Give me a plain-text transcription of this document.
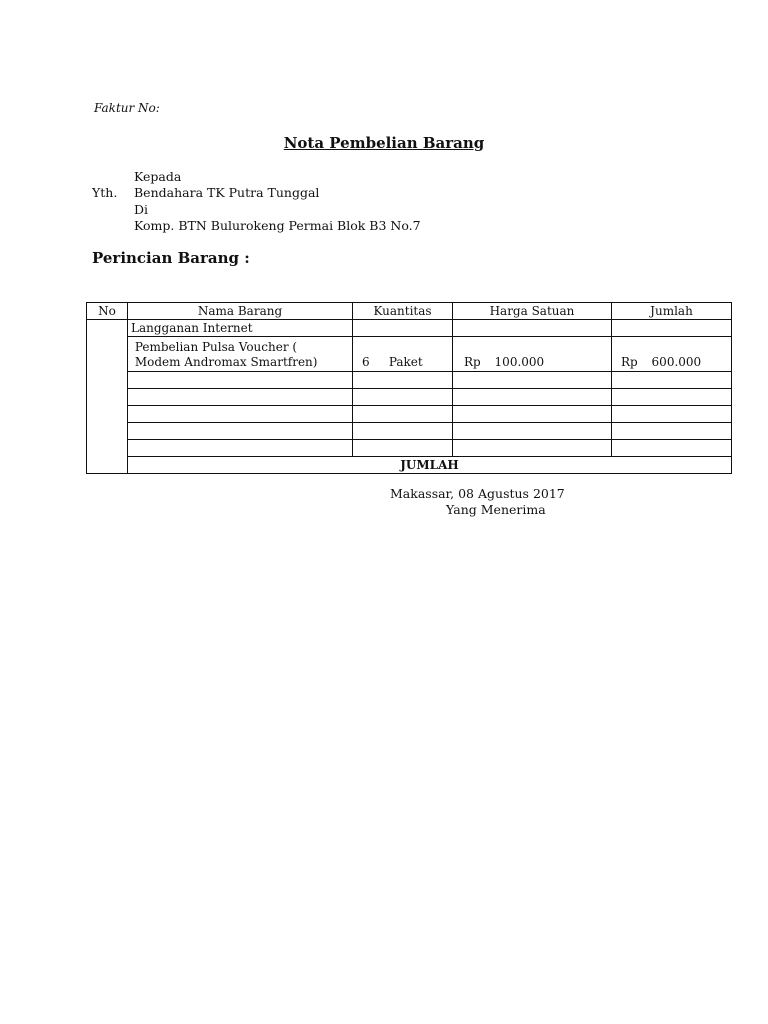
Faktur No:
Nota Pembelian Barang
Kepada
Yth. Bendahara TK Putra Tunggal
Di
Komp. BTN Bulurokeng Permai Blok B3 No.7
Perincian Barang :
No	Nama Barang	Kuantitas	Harga Satuan	Jumlah	
	Langganan Internet				

	Pembelian Pulsa Voucher (
Modem Andromax Smartfren)	6 Paket	Rp 100.000	Rp 600.000	

	JUMLAH	
Makassar, 08 Agustus 2017
Yang Menerima
